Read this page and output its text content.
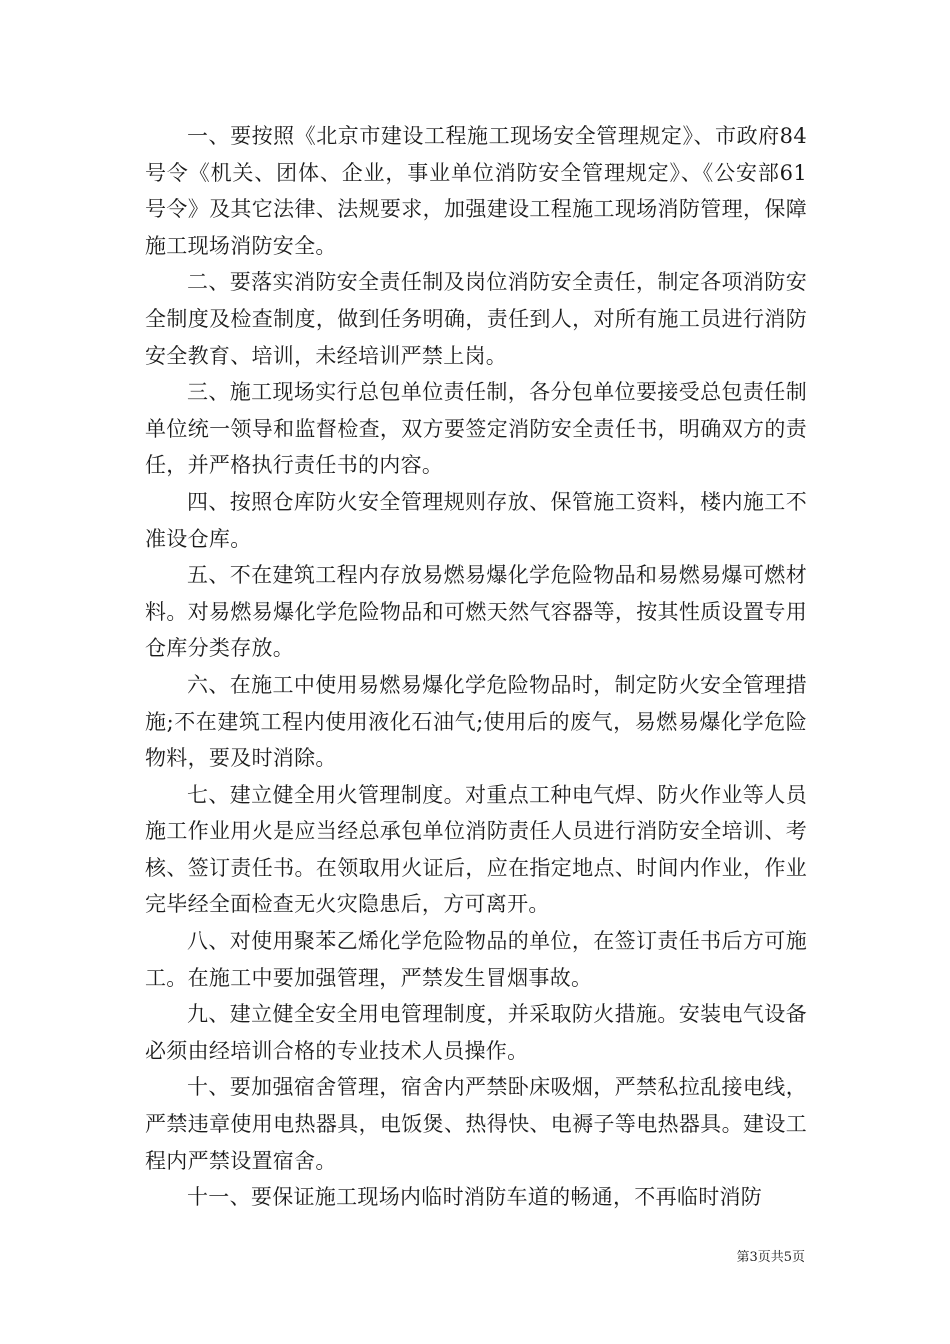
一、要按照《北京市建设工程施工现场安全管理规定》、市政府84号令《机关、团体、企业，事业单位消防安全管理规定》、《公安部61号令》及其它法律、法规要求，加强建设工程施工现场消防管理，保障施工现场消防安全。

二、要落实消防安全责任制及岗位消防安全责任，制定各项消防安全制度及检查制度，做到任务明确，责任到人，对所有施工员进行消防安全教育、培训，未经培训严禁上岗。

三、施工现场实行总包单位责任制，各分包单位要接受总包责任制单位统一领导和监督检查，双方要签定消防安全责任书，明确双方的责任，并严格执行责任书的内容。

四、按照仓库防火安全管理规则存放、保管施工资料，楼内施工不准设仓库。

五、不在建筑工程内存放易燃易爆化学危险物品和易燃易爆可燃材料。对易燃易爆化学危险物品和可燃天然气容器等，按其性质设置专用仓库分类存放。

六、在施工中使用易燃易爆化学危险物品时，制定防火安全管理措施;不在建筑工程内使用液化石油气;使用后的废气，易燃易爆化学危险物料，要及时消除。

七、建立健全用火管理制度。对重点工种电气焊、防火作业等人员施工作业用火是应当经总承包单位消防责任人员进行消防安全培训、考核、签订责任书。在领取用火证后，应在指定地点、时间内作业，作业完毕经全面检查无火灾隐患后，方可离开。

八、对使用聚苯乙烯化学危险物品的单位，在签订责任书后方可施工。在施工中要加强管理，严禁发生冒烟事故。

九、建立健全安全用电管理制度，并采取防火措施。安装电气设备必须由经培训合格的专业技术人员操作。

十、要加强宿舍管理，宿舍内严禁卧床吸烟，严禁私拉乱接电线，严禁违章使用电热器具，电饭煲、热得快、电褥子等电热器具。建设工程内严禁设置宿舍。

十一、要保证施工现场内临时消防车道的畅通，不再临时消防

第3页共5页
